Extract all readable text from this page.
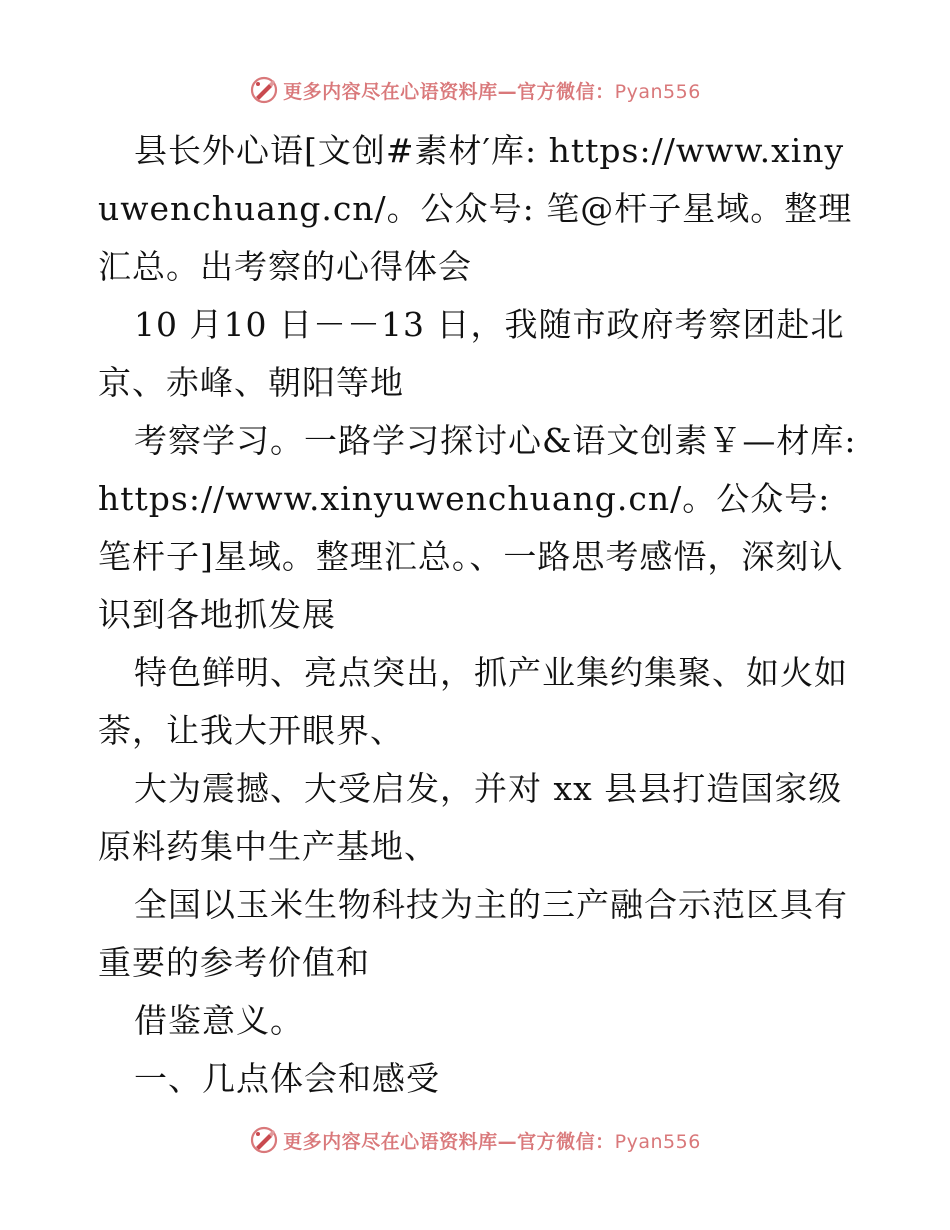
更多内容尽在心语资料库—官方微信：Pyan556

县长外心语[文创#素材′库: https://www.xinyuwenchuang.cn/。公众号: 笔@杆子星域。整理汇总。出考察的心得体会

10 月10 日－－13 日，我随市政府考察团赴北京、赤峰、朝阳等地

考察学习。一路学习探讨心&语文创素￥—材库: https://www.xinyuwenchuang.cn/。公众号: 笔杆子]星域。整理汇总。、一路思考感悟，深刻认识到各地抓发展

特色鲜明、亮点突出，抓产业集约集聚、如火如荼，让我大开眼界、

大为震撼、大受启发，并对 xx 县县打造国家级原料药集中生产基地、

全国以玉米生物科技为主的三产融合示范区具有重要的参考价值和

借鉴意义。

一、几点体会和感受

更多内容尽在心语资料库—官方微信：Pyan556
